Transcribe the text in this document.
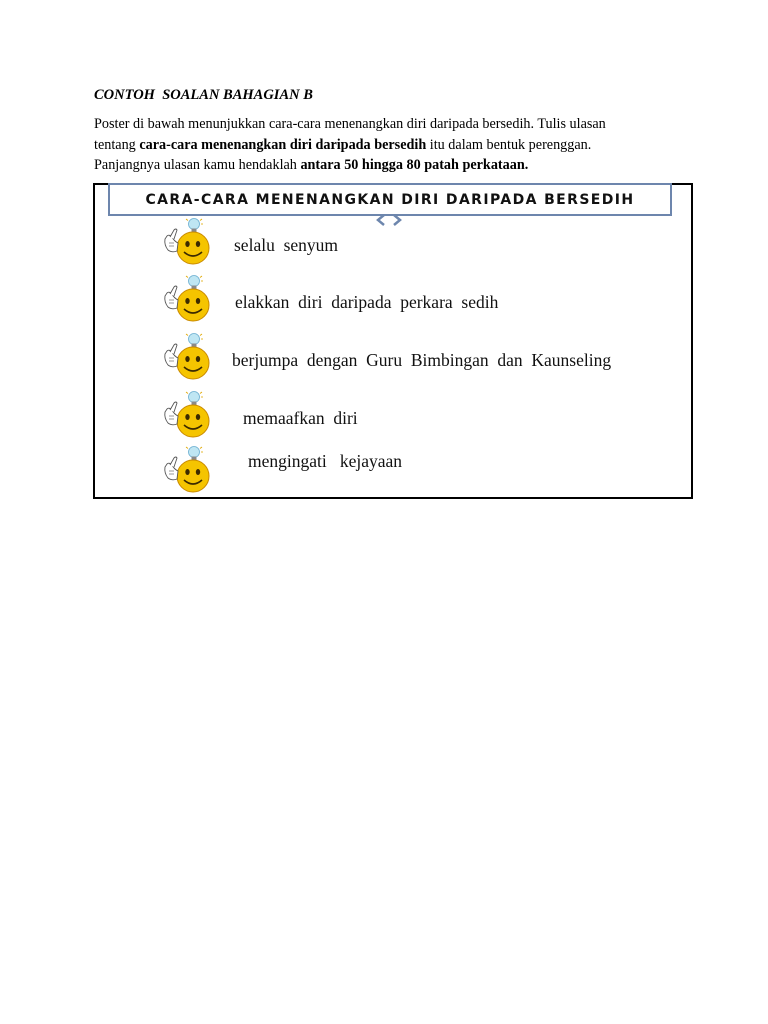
CONTOH  SOALAN BAHAGIAN B
Poster di bawah menunjukkan cara-cara menenangkan diri daripada bersedih. Tulis ulasan
tentang cara-cara menenangkan diri daripada bersedih itu dalam bentuk perenggan.
Panjangnya ulasan kamu hendaklah antara 50 hingga 80 patah perkataan.
CARA-CARA MENENANGKAN DIRI DARIPADA BERSEDIH
selalu  senyum
elakkan  diri  daripada  perkara  sedih
berjumpa  dengan  Guru  Bimbingan  dan  Kaunseling
memaafkan  diri
mengingati   kejayaan
